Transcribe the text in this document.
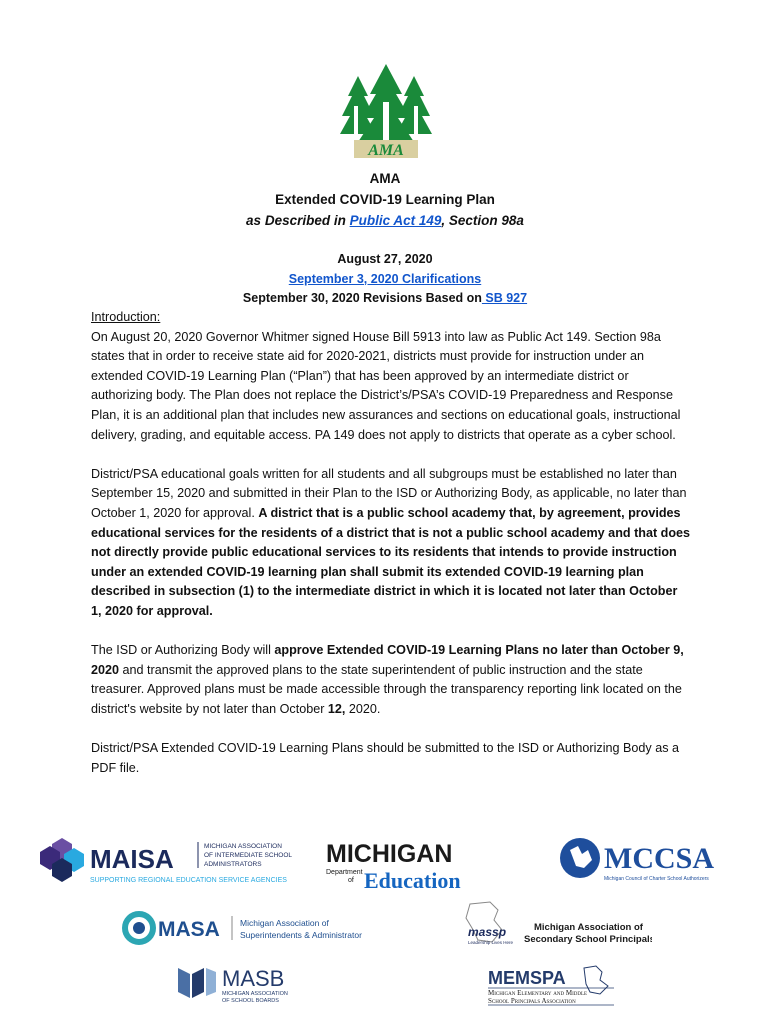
AMA
AMA
Extended COVID-19 Learning Plan
as Described in Public Act 149, Section 98a
August 27, 2020
September 3, 2020 Clarifications
September 30, 2020 Revisions Based on SB 927

Introduction:

On August 20, 2020 Governor Whitmer signed House Bill 5913 into law as Public Act 149. Section 98a states that in order to receive state aid for 2020-2021, districts must provide for instruction under an extended COVID-19 Learning Plan (“Plan”) that has been approved by an intermediate district or authorizing body. The Plan does not replace the District’s/PSA’s COVID-19 Preparedness and Response Plan, it is an additional plan that includes new assurances and sections on educational goals, instructional delivery, grading, and equitable access. PA 149 does not apply to districts that operate as a cyber school.

District/PSA educational goals written for all students and all subgroups must be established no later than September 15, 2020 and submitted in their Plan to the ISD or Authorizing Body, as applicable, no later than October 1, 2020 for approval. A district that is a public school academy that, by agreement, provides educational services for the residents of a district that is not a public school academy and that does not directly provide public educational services to its residents that intends to provide instruction under an extended COVID-19 learning plan shall submit its extended COVID-19 learning plan described in subsection (1) to the intermediate district in which it is located not later than October 1, 2020 for approval.

The ISD or Authorizing Body will approve Extended COVID-19 Learning Plans no later than October 9, 2020 and transmit the approved plans to the state superintendent of public instruction and the state treasurer. Approved plans must be made accessible through the transparency reporting link located on the district's website by not later than October 12, 2020.

District/PSA Extended COVID-19 Learning Plans should be submitted to the ISD or Authorizing Body as a PDF file.

MAISA	MICHIGAN ASSOCIATION
OF INTERMEDIATE SCHOOL
ADMINISTRATORS
SUPPORTING REGIONAL EDUCATION SERVICE AGENCIES
MICHIGAN
Department
of Education
MCCSA
Michigan Council of Charter School Authorizers
MASA Michigan Association of
Superintendents & Administrators	massp
Leadership Lives Here
Michigan Association of
Secondary School Principals
MASB
MICHIGAN ASSOCIATION
OF SCHOOL BOARDS
MEMSPA
Michigan Elementary and Middle
School Principals Association
